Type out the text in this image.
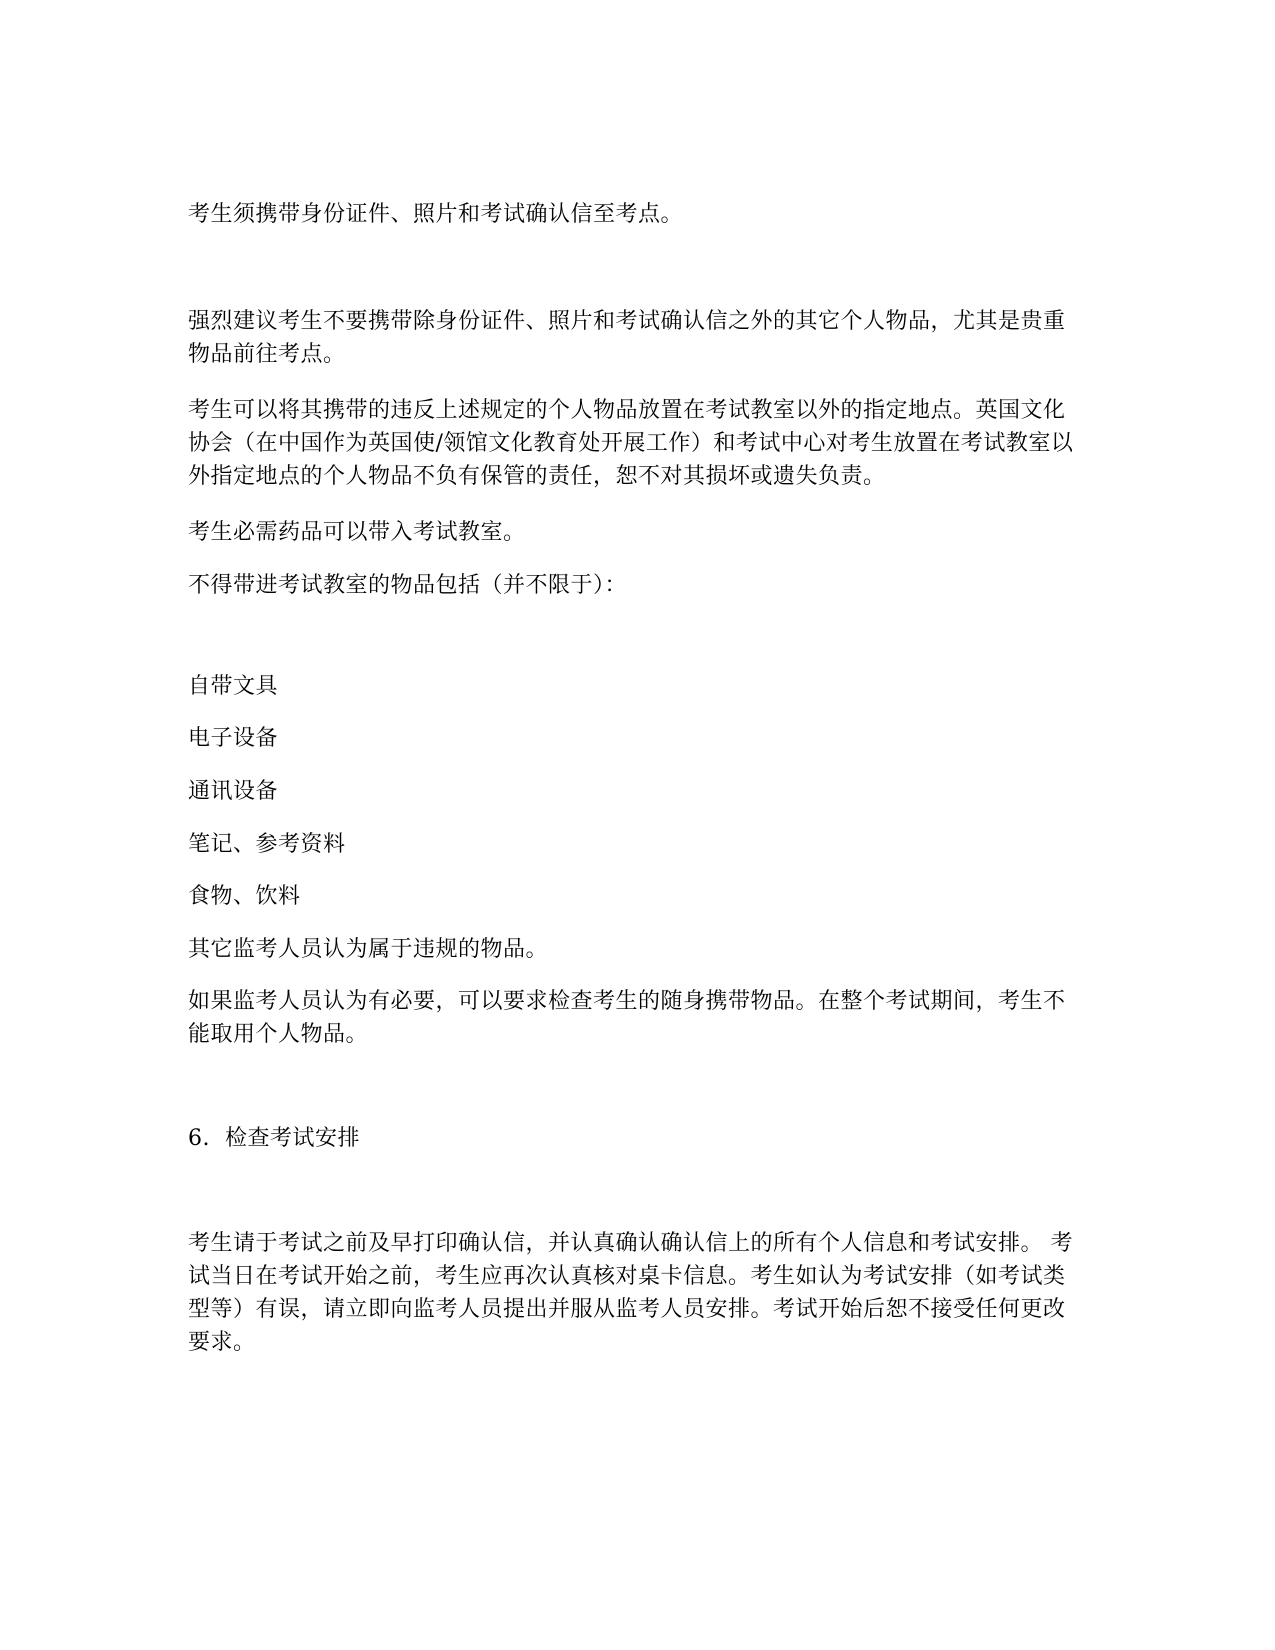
考生须携带身份证件、照片和考试确认信至考点。

强烈建议考生不要携带除身份证件、照片和考试确认信之外的其它个人物品，尤其是贵重
物品前往考点。

考生可以将其携带的违反上述规定的个人物品放置在考试教室以外的指定地点。英国文化
协会（在中国作为英国使/领馆文化教育处开展工作）和考试中心对考生放置在考试教室以
外指定地点的个人物品不负有保管的责任，恕不对其损坏或遗失负责。

考生必需药品可以带入考试教室。

不得带进考试教室的物品包括（并不限于）：

自带文具

电子设备

通讯设备

笔记、参考资料

食物、饮料

其它监考人员认为属于违规的物品。

如果监考人员认为有必要，可以要求检查考生的随身携带物品。在整个考试期间，考生不
能取用个人物品。

6.  检查考试安排

考生请于考试之前及早打印确认信，并认真确认确认信上的所有个人信息和考试安排。 考
试当日在考试开始之前，考生应再次认真核对桌卡信息。考生如认为考试安排（如考试类
型等）有误，请立即向监考人员提出并服从监考人员安排。考试开始后恕不接受任何更改
要求。
